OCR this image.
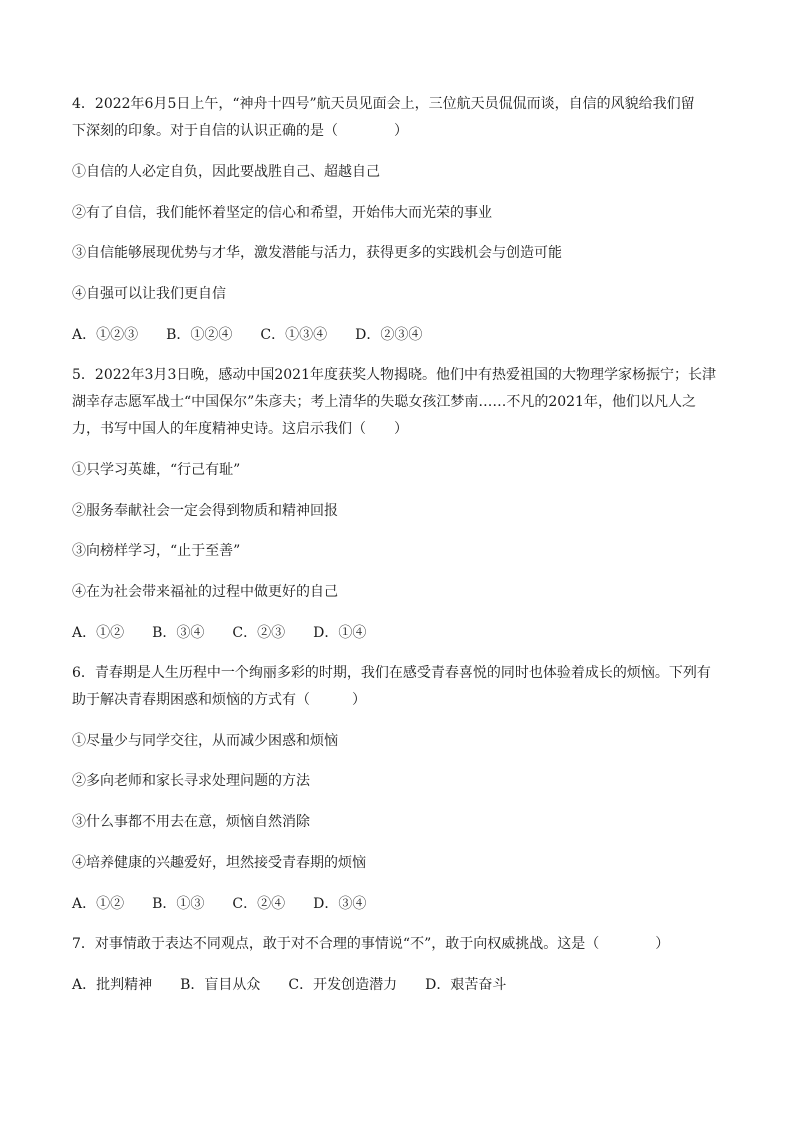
4．2022年6月5日上午，“神舟十四号”航天员见面会上，三位航天员侃侃而谈，自信的风貌给我们留
下深刻的印象。对于自信的认识正确的是（　　　　）
①自信的人必定自负，因此要战胜自己、超越自己
②有了自信，我们能怀着坚定的信心和希望，开始伟大而光荣的事业
③自信能够展现优势与才华，激发潜能与活力，获得更多的实践机会与创造可能
④自强可以让我们更自信
A．①②③　　B．①②④　　C．①③④　　D．②③④
5．2022年3月3日晚，感动中国2021年度获奖人物揭晓。他们中有热爱祖国的大物理学家杨振宁；长津
湖幸存志愿军战士“中国保尔”朱彦夫；考上清华的失聪女孩江梦南……不凡的2021年，他们以凡人之
力，书写中国人的年度精神史诗。这启示我们（　　）
①只学习英雄，“行己有耻”
②服务奉献社会一定会得到物质和精神回报
③向榜样学习，“止于至善”
④在为社会带来福祉的过程中做更好的自己
A．①②　　B．③④　　C．②③　　D．①④
6．青春期是人生历程中一个绚丽多彩的时期，我们在感受青春喜悦的同时也体验着成长的烦恼。下列有
助于解决青春期困惑和烦恼的方式有（　　　）
①尽量少与同学交往，从而减少困惑和烦恼
②多向老师和家长寻求处理问题的方法
③什么事都不用去在意，烦恼自然消除
④培养健康的兴趣爱好，坦然接受青春期的烦恼
A．①②　　B．①③　　C．②④　　D．③④
7．对事情敢于表达不同观点，敢于对不合理的事情说“不”，敢于向权威挑战。这是（　　　　）
A．批判精神　　B．盲目从众　　C．开发创造潜力　　D．艰苦奋斗
